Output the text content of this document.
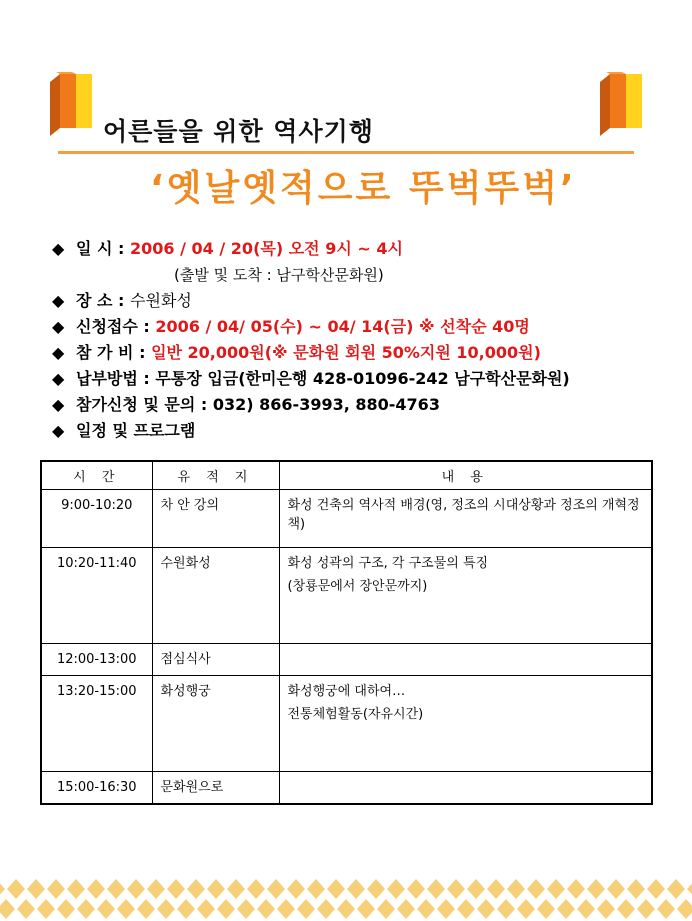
어른들을 위한 역사기행
‘옛날옛적으로 뚜벅뚜벅’
◆ 일 시 : 2006 / 04 / 20(목) 오전 9시 ~ 4시
(출발 및 도착 : 남구학산문화원)
◆ 장 소 : 수원화성
◆ 신청접수 : 2006 / 04/ 05(수) ~ 04/ 14(금) ※ 선착순 40명
◆ 참 가 비 : 일반 20,000원(※ 문화원 회원 50%지원 10,000원)
◆ 납부방법 : 무통장 입금(한미은행 428-01096-242 남구학산문화원)
◆ 참가신청 및 문의 : 032) 866-3993, 880-4763
◆ 일정 및 프로그램
시 간	유 적 지	내 용
9:00-10:20	차 안 강의	화성 건축의 역사적 배경(영, 정조의 시대상황과 정조의 개혁정책)

10:20-11:40	수원화성	화성 성곽의 구조, 각 구조물의 특징
(창룡문에서 장안문까지)

12:00-13:00	점심식사	
13:20-15:00	화성행궁	화성행궁에 대하여…
전통체험활동(자유시간)

15:00-16:30	문화원으로	
